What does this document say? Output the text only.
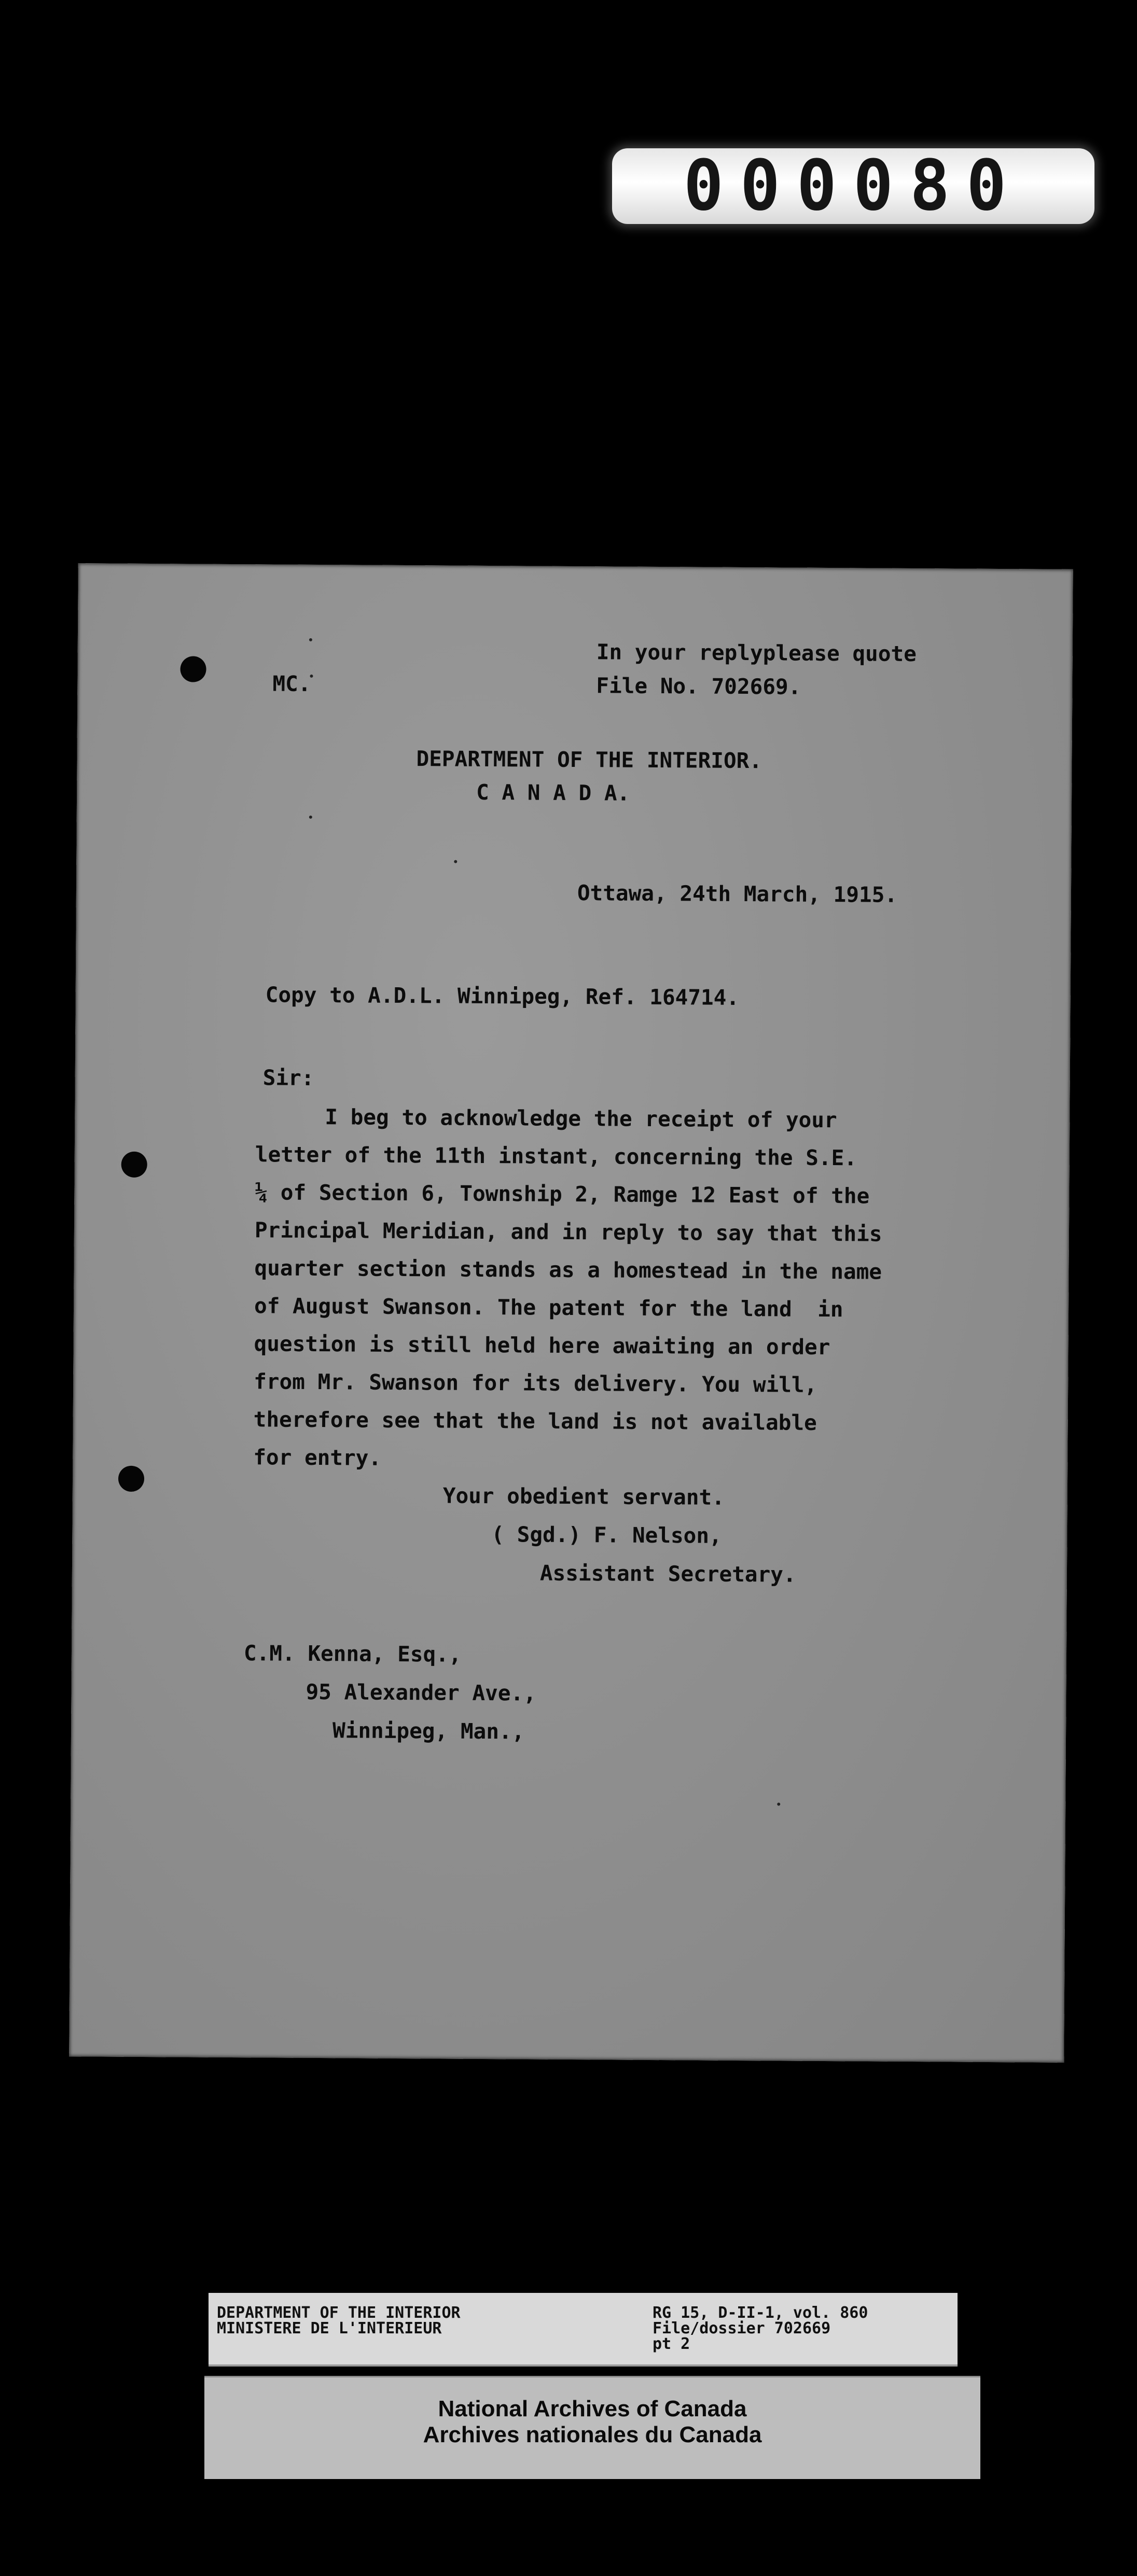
000080

In your replyplease quote

MC.	File No. 702669.

DEPARTMENT OF THE INTERIOR.

C A N A D A.

Ottawa, 24th March, 1915.

Copy to A.D.L. Winnipeg, Ref. 164714.

Sir:

I beg to acknowledge the receipt of your

letter of the 11th instant, concerning the S.E.

¼ of Section 6, Township 2, Ramge 12 East of the

Principal Meridian, and in reply to say that this

quarter section stands as a homestead in the name

of August Swanson. The patent for the land  in

question is still held here awaiting an order

from Mr. Swanson for its delivery. You will,

therefore see that the land is not available

for entry.

Your obedient servant.

( Sgd.) F. Nelson,

Assistant Secretary.

C.M. Kenna, Esq.,

95 Alexander Ave.,

Winnipeg, Man.,

DEPARTMENT OF THE INTERIOR
MINISTERE DE L'INTERIEUR
RG 15, D-II-1, vol. 860
File/dossier 702669
pt 2
National Archives of Canada
Archives nationales du Canada
